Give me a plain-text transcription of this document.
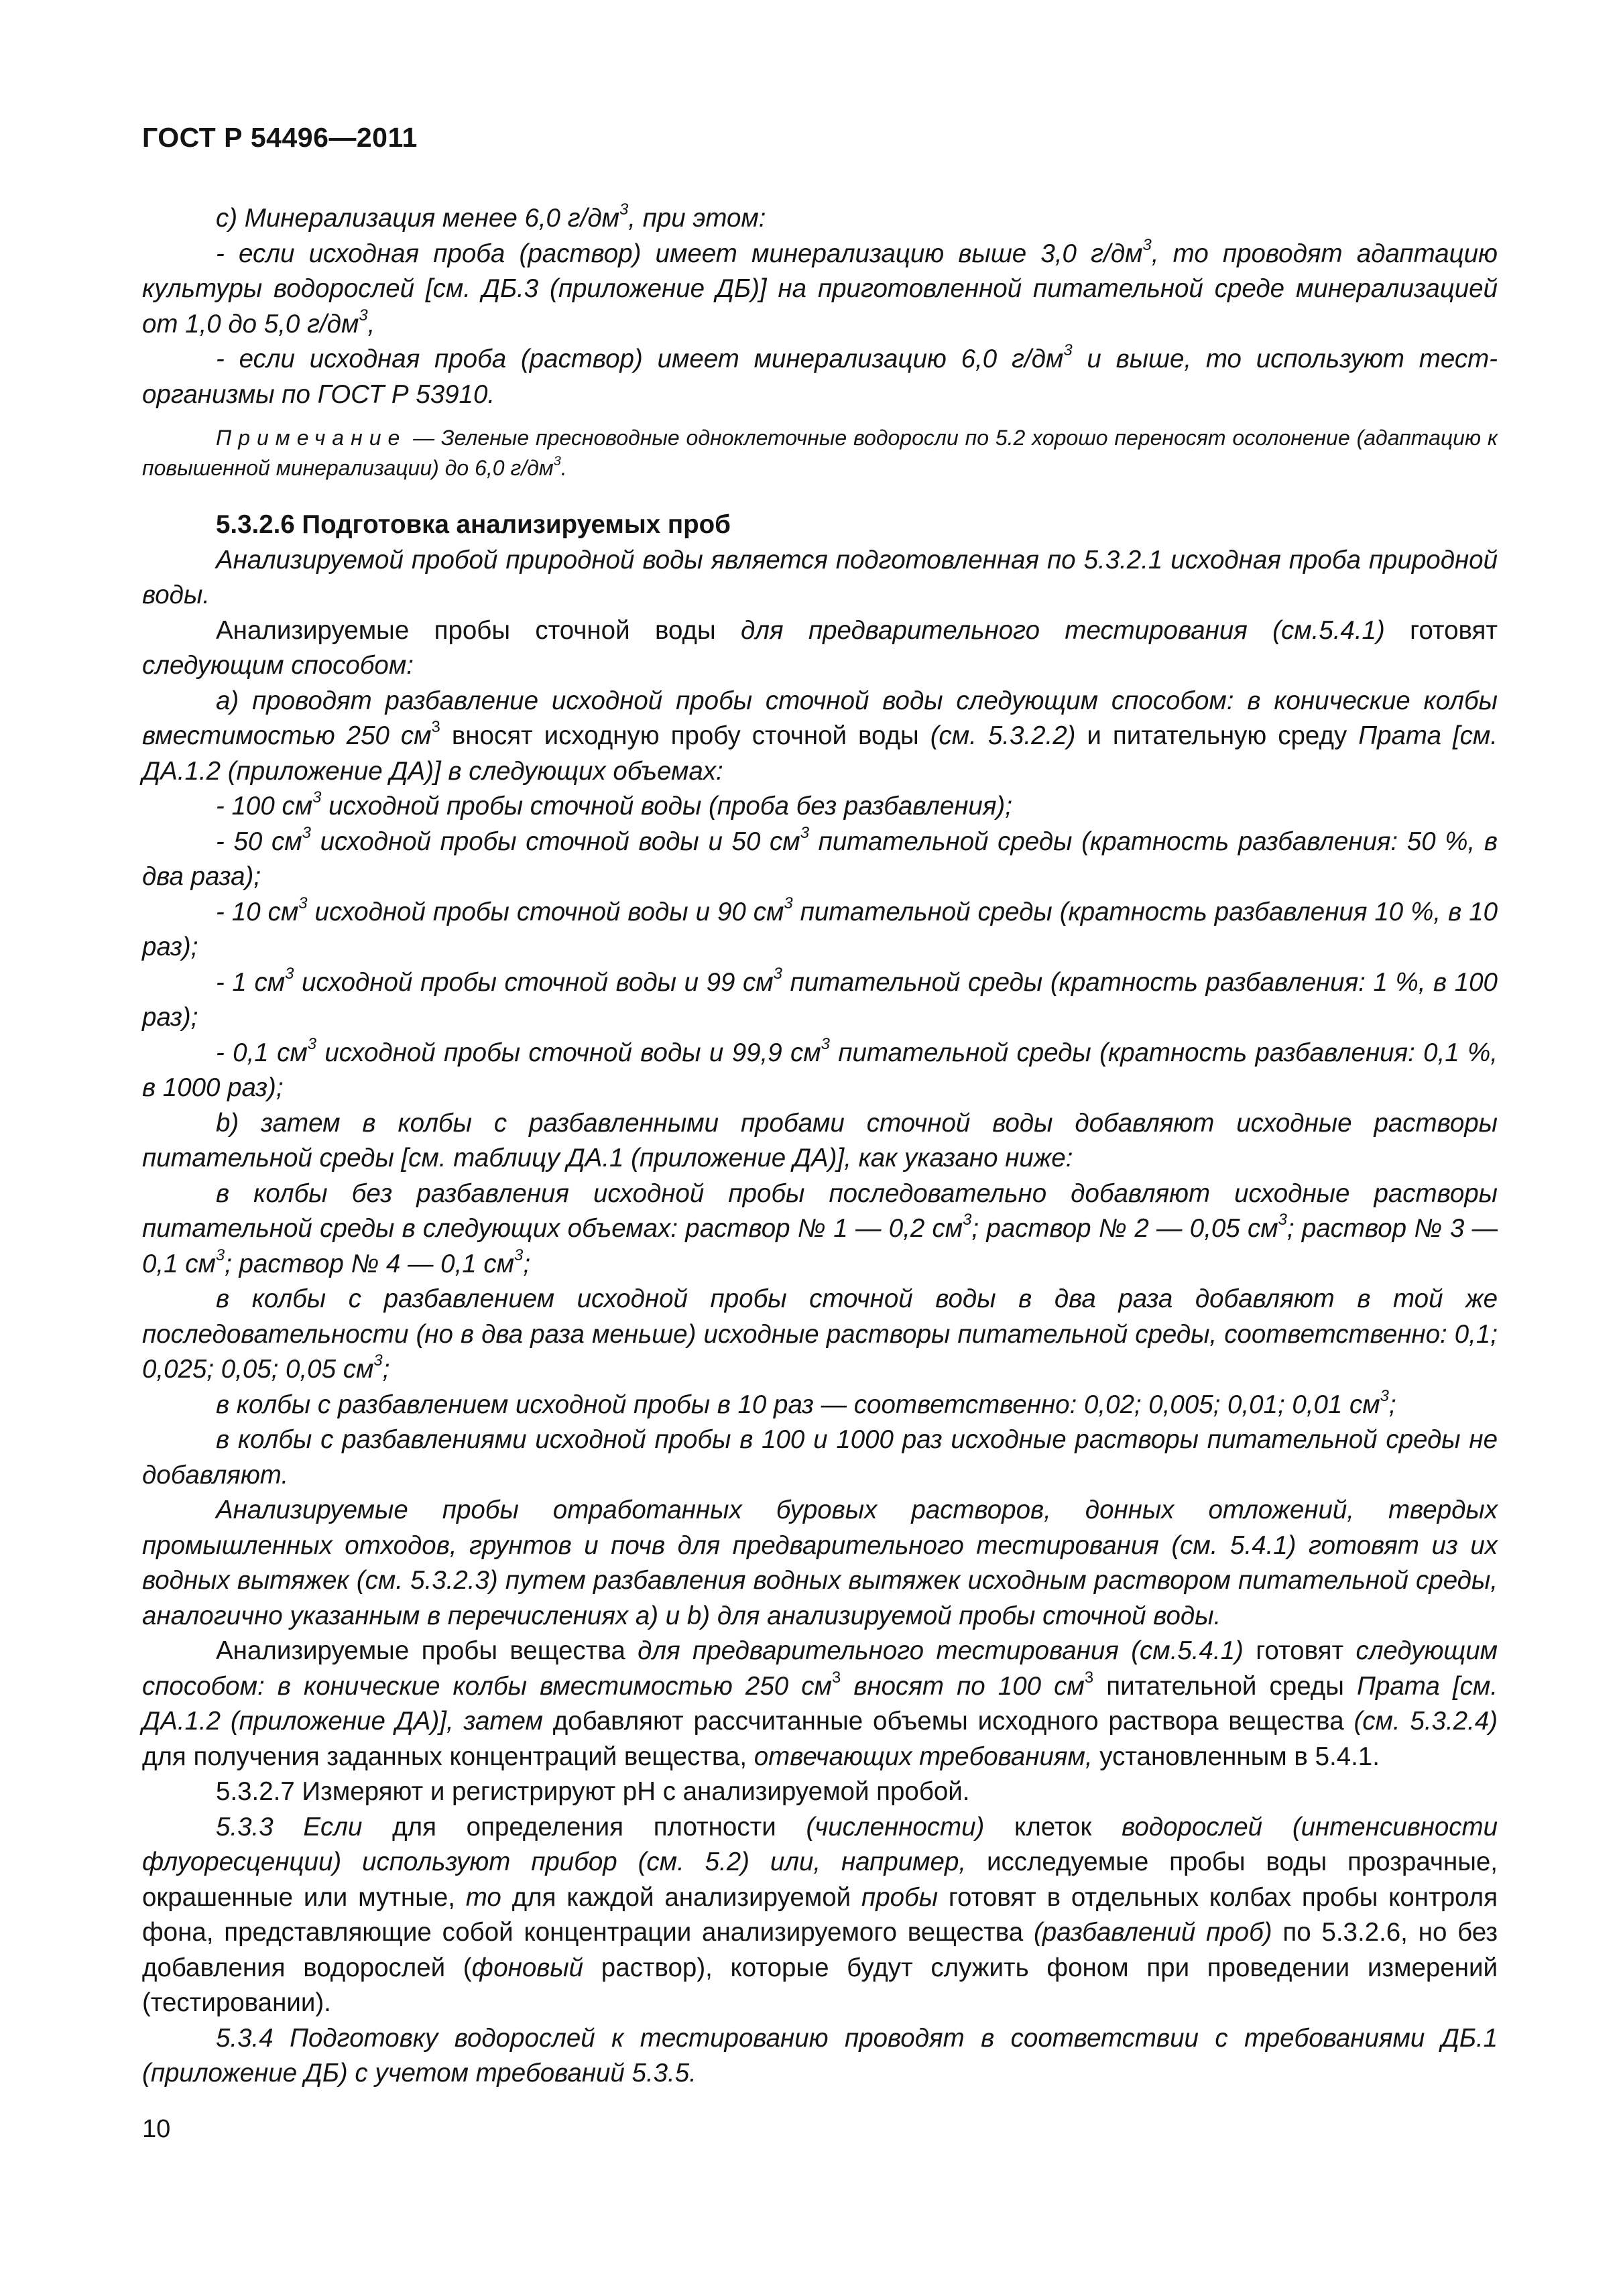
ГОСТ Р 54496—2011

c) Минерализация менее 6,0 $г/дм^3$, при этом:

- если исходная проба (раствор) имеет минерализацию выше 3,0 $г/дм^3$, то проводят адаптацию культуры водорослей [см. ДБ.3 (приложение ДБ)] на приготовленной питательной среде минерализацией от 1,0 до 5,0 $г/дм^3$,

- если исходная проба (раствор) имеет минерализацию 6,0 $г/дм^3$ и выше, то используют тест-организмы по ГОСТ Р 53910.

Примечание — Зеленые пресноводные одноклеточные водоросли по 5.2 хорошо переносят осолонение (адаптацию к повышенной минерализации) до 6,0 $г/дм^3$.

5.3.2.6 Подготовка анализируемых проб

Анализируемой пробой природной воды является подготовленная по 5.3.2.1 исходная проба природной воды.

Анализируемые пробы сточной воды для предварительного тестирования (см.5.4.1) готовят следующим способом:

а) проводят разбавление исходной пробы сточной воды следующим способом: в конические колбы вместимостью 250 $см^3$ вносят исходную пробу сточной воды (см. 5.3.2.2) и питательную среду Прата [см. ДА.1.2 (приложение ДА)] в следующих объемах:

- 100 $см^3$ исходной пробы сточной воды (проба без разбавления);

- 50 $см^3$ исходной пробы сточной воды и 50 $см^3$ питательной среды (кратность разбавления: 50 %, в два раза);

- 10 $см^3$ исходной пробы сточной воды и 90 $см^3$ питательной среды (кратность разбавления 10 %, в 10 раз);

- 1 $см^3$ исходной пробы сточной воды и 99 $см^3$ питательной среды (кратность разбавления: 1 %, в 100 раз);

- 0,1 $см^3$ исходной пробы сточной воды и 99,9 $см^3$ питательной среды (кратность разбавления: 0,1 %, в 1000 раз);

b) затем в колбы с разбавленными пробами сточной воды добавляют исходные растворы питательной среды [см. таблицу ДА.1 (приложение ДА)], как указано ниже:

в колбы без разбавления исходной пробы последовательно добавляют исходные растворы питательной среды в следующих объемах: раствор № 1 — 0,2 $см^3$; раствор № 2 — 0,05 $см^3$; раствор № 3 — 0,1 $см^3$; раствор № 4 — 0,1 $см^3$;

в колбы с разбавлением исходной пробы сточной воды в два раза добавляют в той же последовательности (но в два раза меньше) исходные растворы питательной среды, соответственно: 0,1; 0,025; 0,05; 0,05 $см^3$;

в колбы с разбавлением исходной пробы в 10 раз — соответственно: 0,02; 0,005; 0,01; 0,01 $см^3$;

в колбы с разбавлениями исходной пробы в 100 и 1000 раз исходные растворы питательной среды не добавляют.

Анализируемые пробы отработанных буровых растворов, донных отложений, твердых промышленных отходов, грунтов и почв для предварительного тестирования (см. 5.4.1) готовят из их водных вытяжек (см. 5.3.2.3) путем разбавления водных вытяжек исходным раствором питательной среды, аналогично указанным в перечислениях а) и b) для анализируемой пробы сточной воды.

Анализируемые пробы вещества для предварительного тестирования (см.5.4.1) готовят следующим способом: в конические колбы вместимостью 250 $см^3$ вносят по 100 $см^3$ питательной среды Прата [см. ДА.1.2 (приложение ДА)], затем добавляют рассчитанные объемы исходного раствора вещества (см. 5.3.2.4) для получения заданных концентраций вещества, отвечающих требованиям, установленным в 5.4.1.

5.3.2.7 Измеряют и регистрируют pH с анализируемой пробой.

5.3.3 Если для определения плотности (численности) клеток водорослей (интенсивности флуоресценции) используют прибор (см. 5.2) или, например, исследуемые пробы воды прозрачные, окрашенные или мутные, то для каждой анализируемой пробы готовят в отдельных колбах пробы контроля фона, представляющие собой концентрации анализируемого вещества (разбавлений проб) по 5.3.2.6, но без добавления водорослей (фоновый раствор), которые будут служить фоном при проведении измерений (тестировании).

5.3.4 Подготовку водорослей к тестированию проводят в соответствии с требованиями ДБ.1 (приложение ДБ) с учетом требований 5.3.5.

10
